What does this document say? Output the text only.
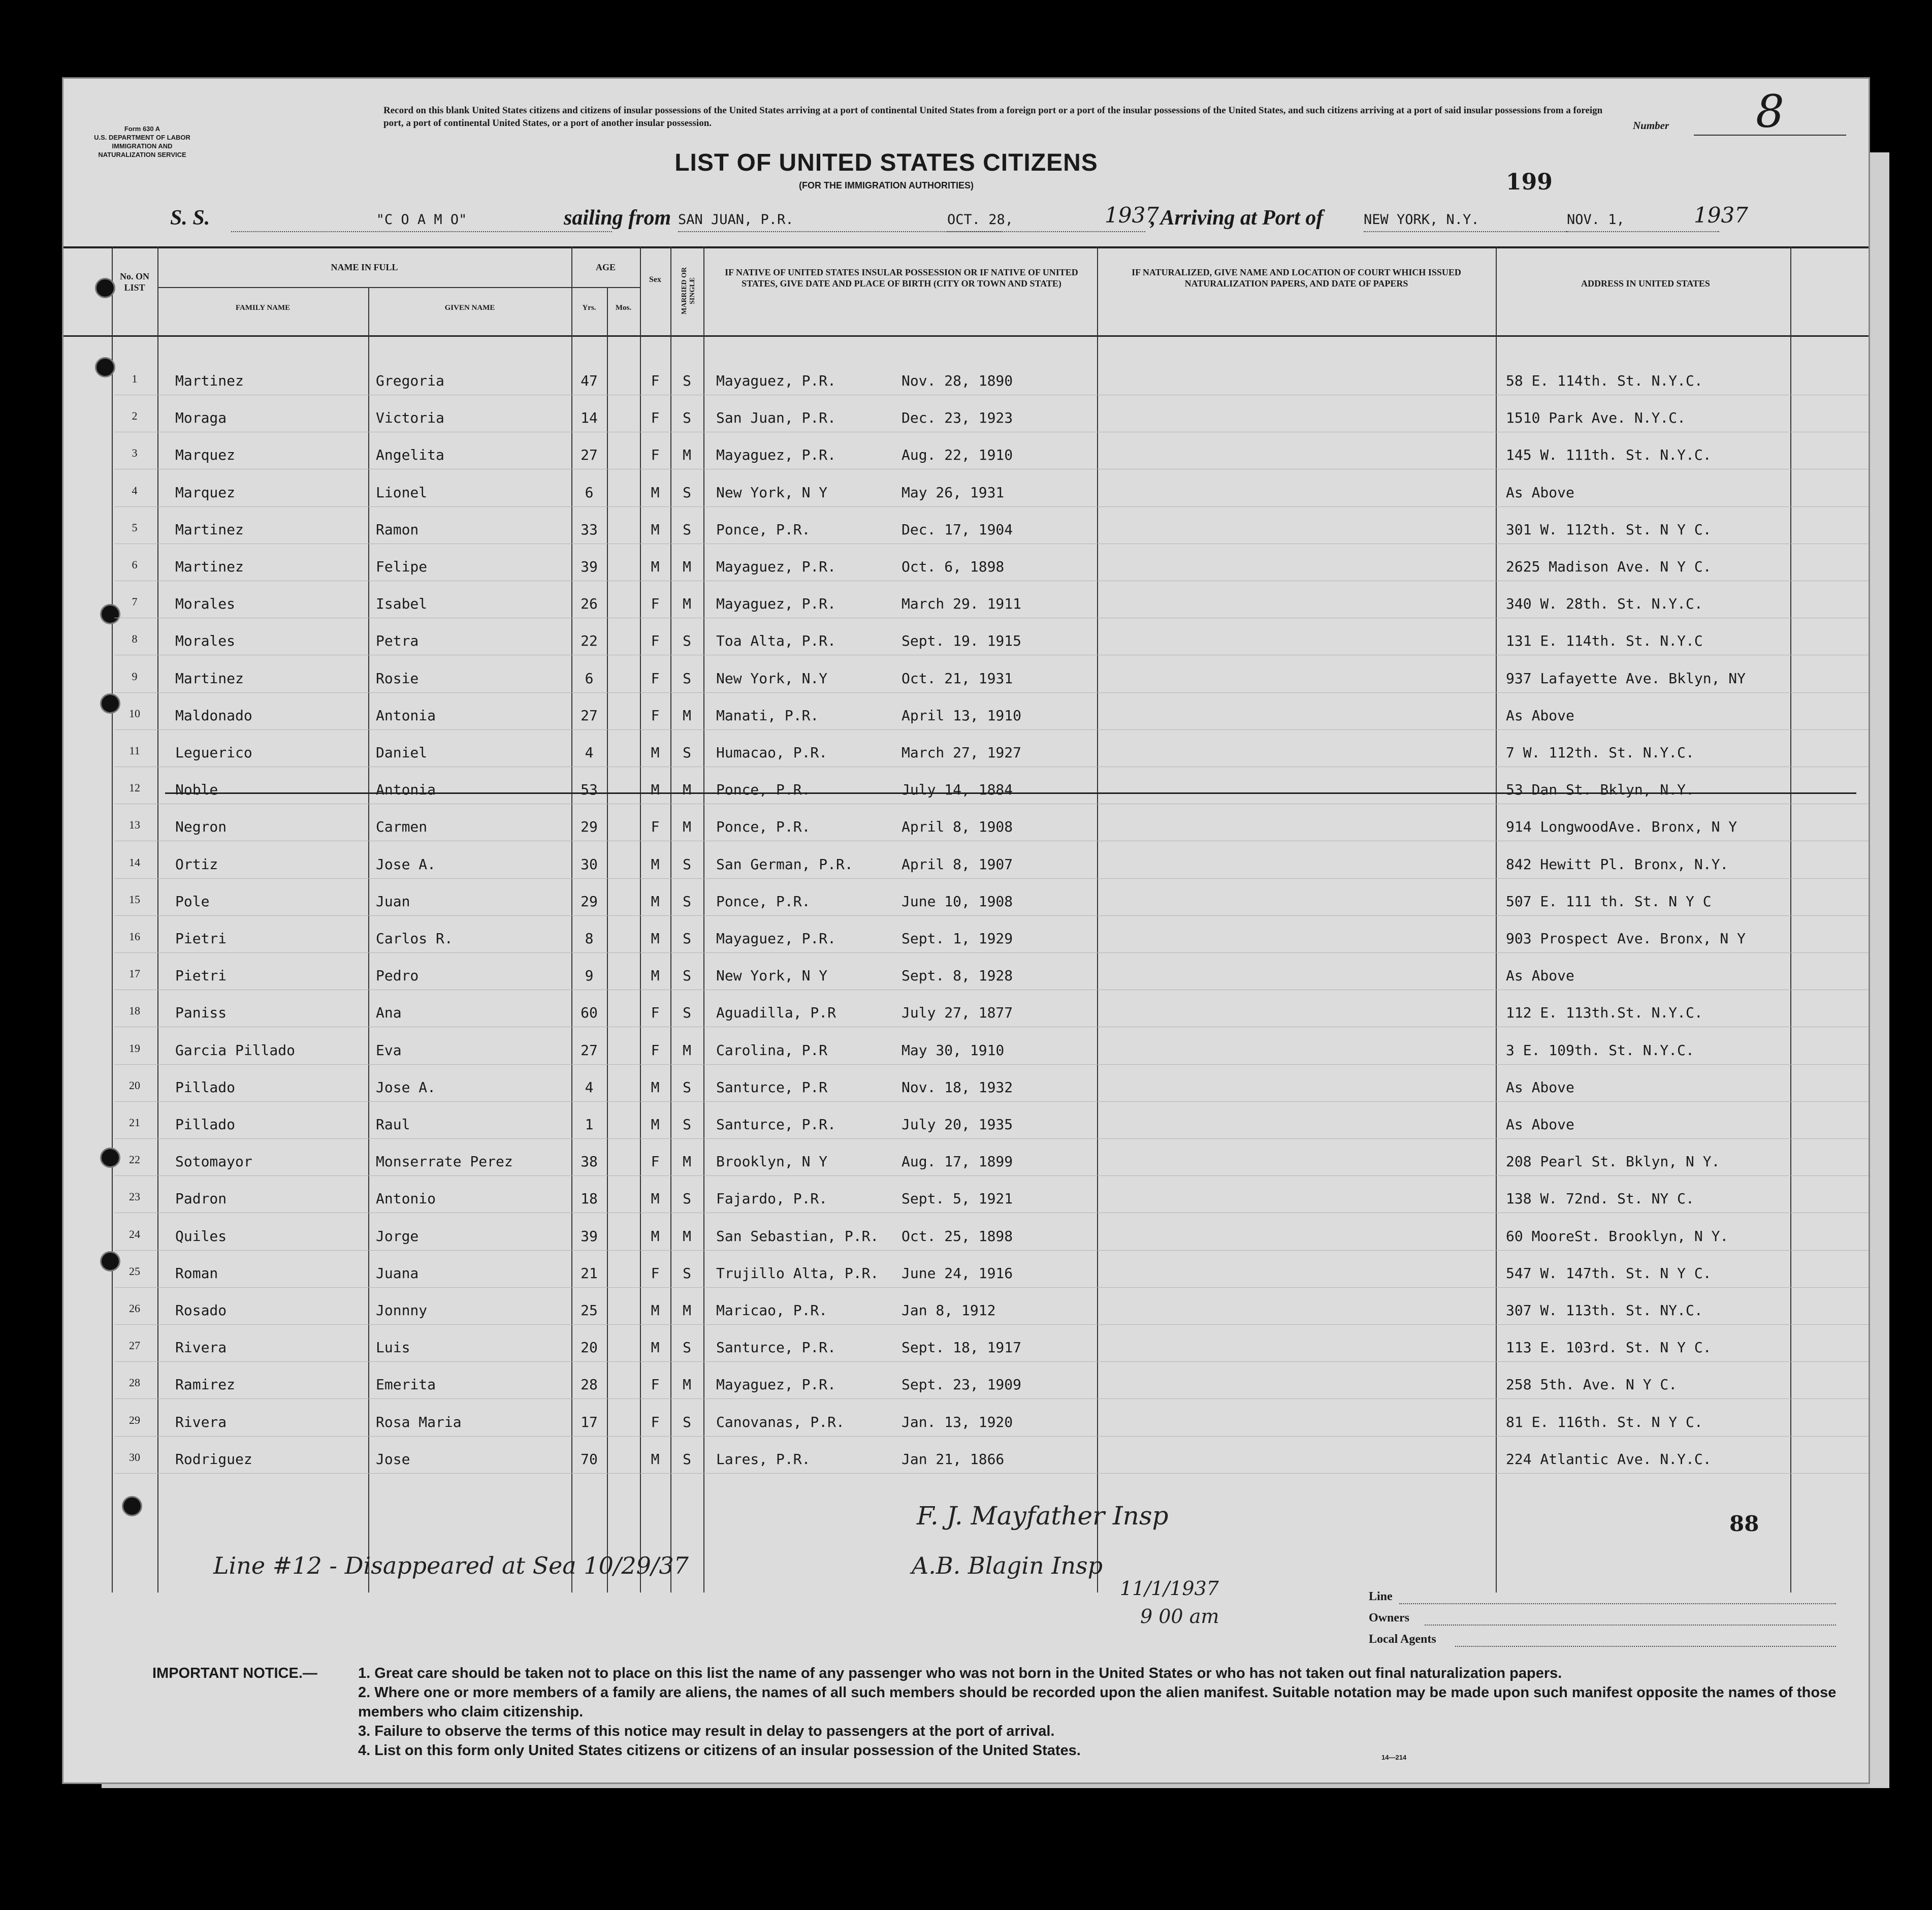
Form 630 A
U.S. DEPARTMENT OF LABOR
IMMIGRATION AND
NATURALIZATION SERVICE
Record on this blank United States citizens and citizens of insular possessions of the United States arriving at a port of continental United States from a foreign port or a port of the insular possessions of the United States, and such citizens arriving at a port of said insular possessions from a foreign port, a port of continental United States, or a port of another insular possession.	Number	8
LIST OF UNITED STATES CITIZENS
(FOR THE IMMIGRATION AUTHORITIES)	199
S. S.	"C O A M O"	sailing from SAN JUAN, P.R.	OCT. 28,	1937
, Arriving at Port of	NEW YORK, N.Y.	NOV. 1,	1937
No. ON LIST
NAME IN FULL
FAMILY NAME	GIVEN NAME
AGE
Yrs.	Mos.
Sex	MARRIED OR SINGLE
IF NATIVE OF UNITED STATES INSULAR POSSESSION OR IF NATIVE OF UNITED STATES, GIVE DATE AND PLACE OF BIRTH (CITY OR TOWN AND STATE)
IF NATURALIZED, GIVE NAME AND LOCATION OF COURT WHICH ISSUED NATURALIZATION PAPERS, AND DATE OF PAPERS	ADDRESS IN UNITED STATES
88
Line #12 - Disappeared at Sea 10/29/37	A.B. Blagin Insp
F. J. Mayfather Insp
11/1/1937
9 00 am
Line
Owners
Local Agents
IMPORTANT NOTICE.—	1. Great care should be taken not to place on this list the name of any passenger who was not born in the United States or who has not taken out final naturalization papers.
2. Where one or more members of a family are aliens, the names of all such members should be recorded upon the alien manifest. Suitable notation may be made upon such manifest opposite the names of those members who claim citizenship.
3. Failure to observe the terms of this notice may result in delay to passengers at the port of arrival.
4. List on this form only United States citizens or citizens of an insular possession of the United States.	14—214
1	Martinez	Gregoria	47	F	S	Mayaguez, P.R.	Nov. 28, 1890	58 E. 114th. St. N.Y.C.
2	Moraga	Victoria	14	F	S	San Juan, P.R.	Dec. 23, 1923	1510 Park Ave. N.Y.C.
3	Marquez	Angelita	27	F	M	Mayaguez, P.R.	Aug. 22, 1910	145 W. 111th. St. N.Y.C.
4	Marquez	Lionel	6	M	S	New York, N Y	May 26, 1931	As Above
5	Martinez	Ramon	33	M	S	Ponce, P.R.	Dec. 17, 1904	301 W. 112th. St. N Y C.
6	Martinez	Felipe	39	M	M	Mayaguez, P.R.	Oct. 6, 1898	2625 Madison Ave. N Y C.
7	Morales	Isabel	26	F	M	Mayaguez, P.R.	March 29. 1911	340 W. 28th. St. N.Y.C.
8	Morales	Petra	22	F	S	Toa Alta, P.R.	Sept. 19. 1915	131 E. 114th. St. N.Y.C
9	Martinez	Rosie	6	F	S	New York, N.Y	Oct. 21, 1931	937 Lafayette Ave. Bklyn, NY
10	Maldonado	Antonia	27	F	M	Manati, P.R.	April 13, 1910	As Above
11	Leguerico	Daniel	4	M	S	Humacao, P.R.	March 27, 1927	7 W. 112th. St. N.Y.C.
12	Noble	Antonia	53	M	M	Ponce, P.R.	July 14, 1884	53 Dan St. Bklyn, N.Y.
13	Negron	Carmen	29	F	M	Ponce, P.R.	April 8, 1908	914 LongwoodAve. Bronx, N Y
14	Ortiz	Jose A.	30	M	S	San German, P.R.	April 8, 1907	842 Hewitt Pl. Bronx, N.Y.
15	Pole	Juan	29	M	S	Ponce, P.R.	June 10, 1908	507 E. 111 th. St. N Y C
16	Pietri	Carlos R.	8	M	S	Mayaguez, P.R.	Sept. 1, 1929	903 Prospect Ave. Bronx, N Y
17	Pietri	Pedro	9	M	S	New York, N Y	Sept. 8, 1928	As Above
18	Paniss	Ana	60	F	S	Aguadilla, P.R	July 27, 1877	112 E. 113th.St. N.Y.C.
19	Garcia Pillado	Eva	27	F	M	Carolina, P.R	May 30, 1910	3 E. 109th. St. N.Y.C.
20	Pillado	Jose A.	4	M	S	Santurce, P.R	Nov. 18, 1932	As Above
21	Pillado	Raul	1	M	S	Santurce, P.R.	July 20, 1935	As Above
22	Sotomayor	Monserrate Perez	38	F	M	Brooklyn, N Y	Aug. 17, 1899	208 Pearl St. Bklyn, N Y.
23	Padron	Antonio	18	M	S	Fajardo, P.R.	Sept. 5, 1921	138 W. 72nd. St. NY C.
24	Quiles	Jorge	39	M	M	San Sebastian, P.R.	Oct. 25, 1898	60 MooreSt. Brooklyn, N Y.
25	Roman	Juana	21	F	S	Trujillo Alta, P.R.	June 24, 1916	547 W. 147th. St. N Y C.
26	Rosado	Jonnny	25	M	M	Maricao, P.R.	Jan 8, 1912	307 W. 113th. St. NY.C.
27	Rivera	Luis	20	M	S	Santurce, P.R.	Sept. 18, 1917	113 E. 103rd. St. N Y C.
28	Ramirez	Emerita	28	F	M	Mayaguez, P.R.	Sept. 23, 1909	258 5th. Ave. N Y C.
29	Rivera	Rosa Maria	17	F	S	Canovanas, P.R.	Jan. 13, 1920	81 E. 116th. St. N Y C.
30	Rodriguez	Jose	70	M	S	Lares, P.R.	Jan 21, 1866	224 Atlantic Ave. N.Y.C.
